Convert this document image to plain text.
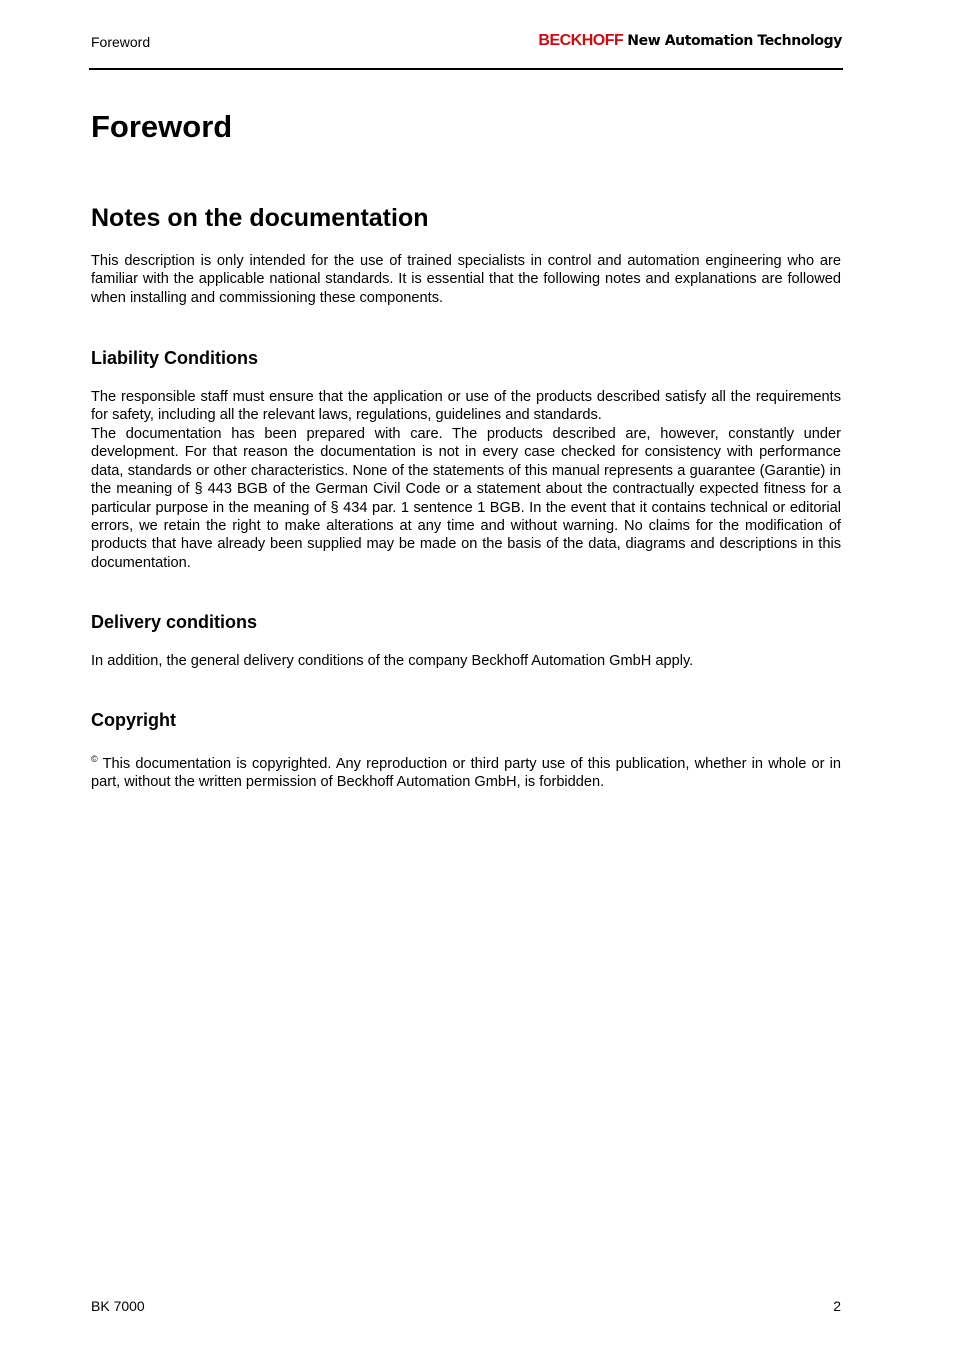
Foreword	BECKHOFF New Automation Technology
Foreword
Notes on the documentation

This description is only intended for the use of trained specialists in control and automation engineering who are familiar with the applicable national standards. It is essential that the following notes and explanations are followed when installing and commissioning these components.

Liability Conditions

The responsible staff must ensure that the application or use of the products described satisfy all the requirements for safety, including all the relevant laws, regulations, guidelines and standards.

The documentation has been prepared with care. The products described are, however, constantly under development. For that reason the documentation is not in every case checked for consistency with performance data, standards or other characteristics. None of the statements of this manual represents a guarantee (Garantie) in the meaning of § 443 BGB of the German Civil Code or a statement about the contractually expected fitness for a particular purpose in the meaning of § 434 par. 1 sentence 1 BGB. In the event that it contains technical or editorial errors, we retain the right to make alterations at any time and without warning. No claims for the modification of products that have already been supplied may be made on the basis of the data, diagrams and descriptions in this documentation.

Delivery conditions

In addition, the general delivery conditions of the company Beckhoff Automation GmbH apply.

Copyright

© This documentation is copyrighted. Any reproduction or third party use of this publication, whether in whole or in part, without the written permission of Beckhoff Automation GmbH, is forbidden.

BK 7000	2
